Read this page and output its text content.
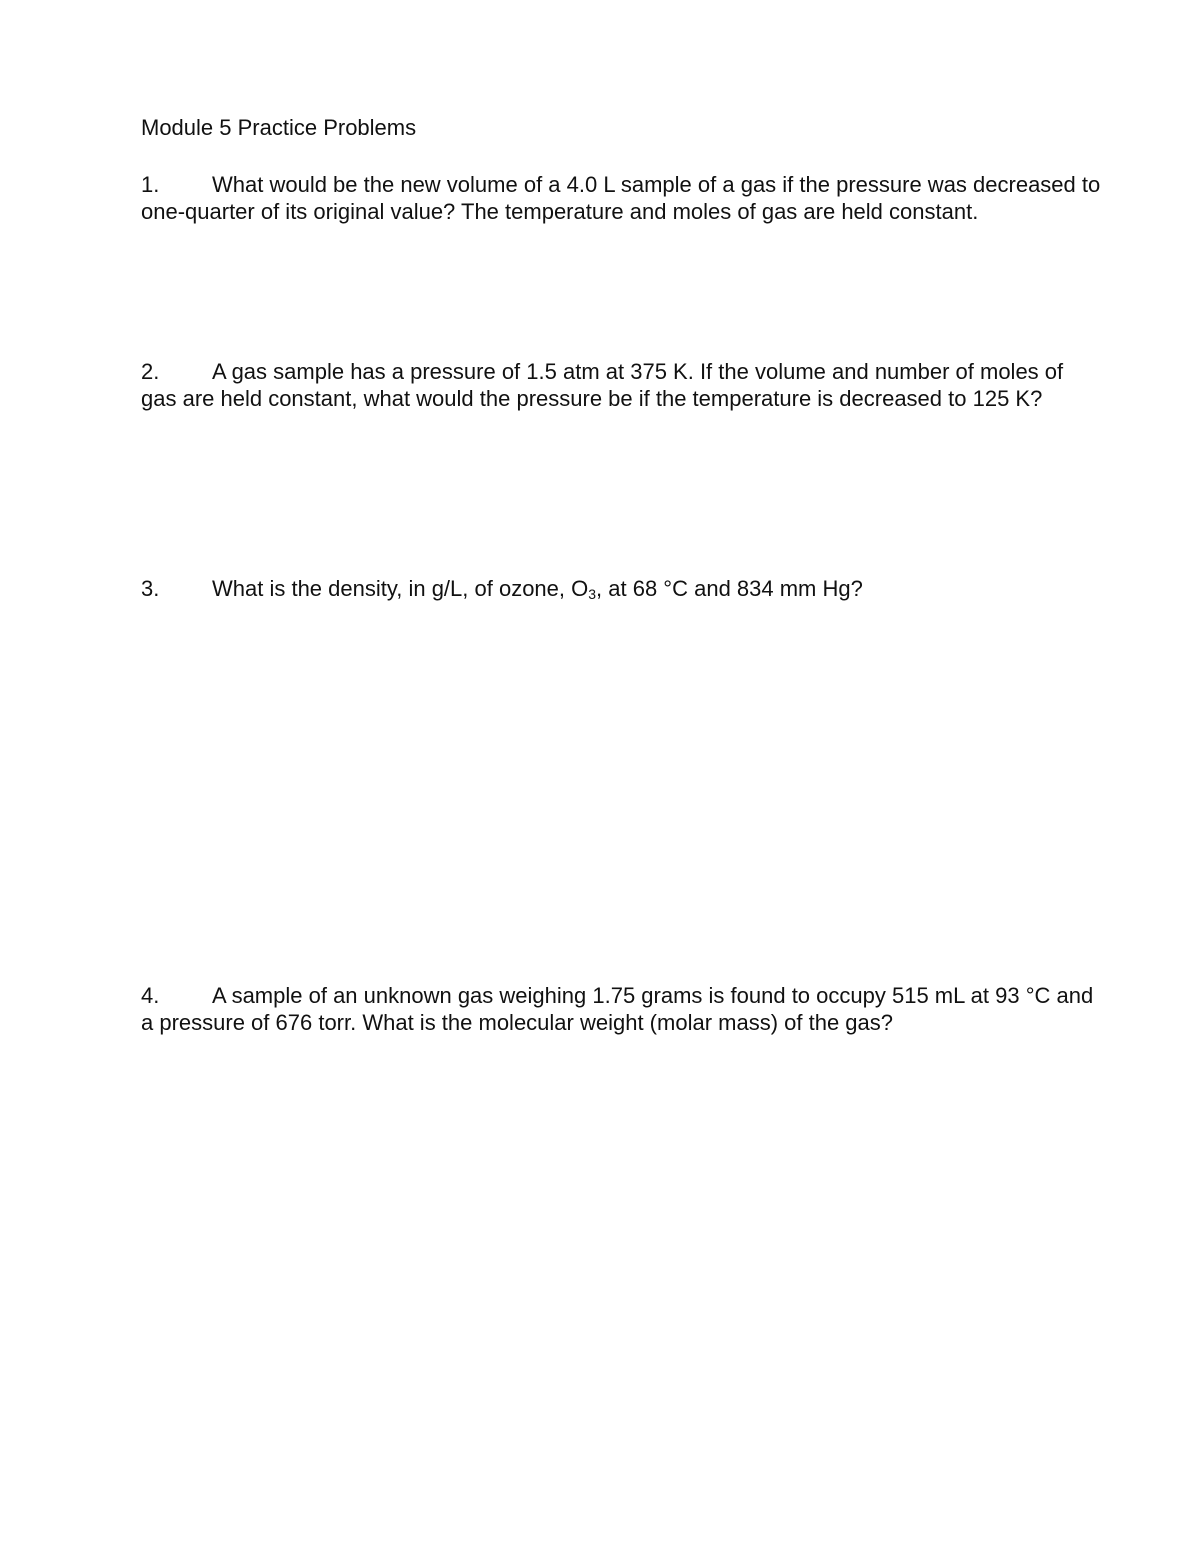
Module 5 Practice Problems

1. What would be the new volume of a 4.0 L sample of a gas if the pressure was decreased to one-quarter of its original value? The temperature and moles of gas are held constant.

2. A gas sample has a pressure of 1.5 atm at 375 K. If the volume and number of moles of gas are held constant, what would the pressure be if the temperature is decreased to 125 K?

3. What is the density, in g/L, of ozone, $O_3$, at 68 °C and 834 mm Hg?

4. A sample of an unknown gas weighing 1.75 grams is found to occupy 515 mL at 93 °C and a pressure of 676 torr. What is the molecular weight (molar mass) of the gas?
